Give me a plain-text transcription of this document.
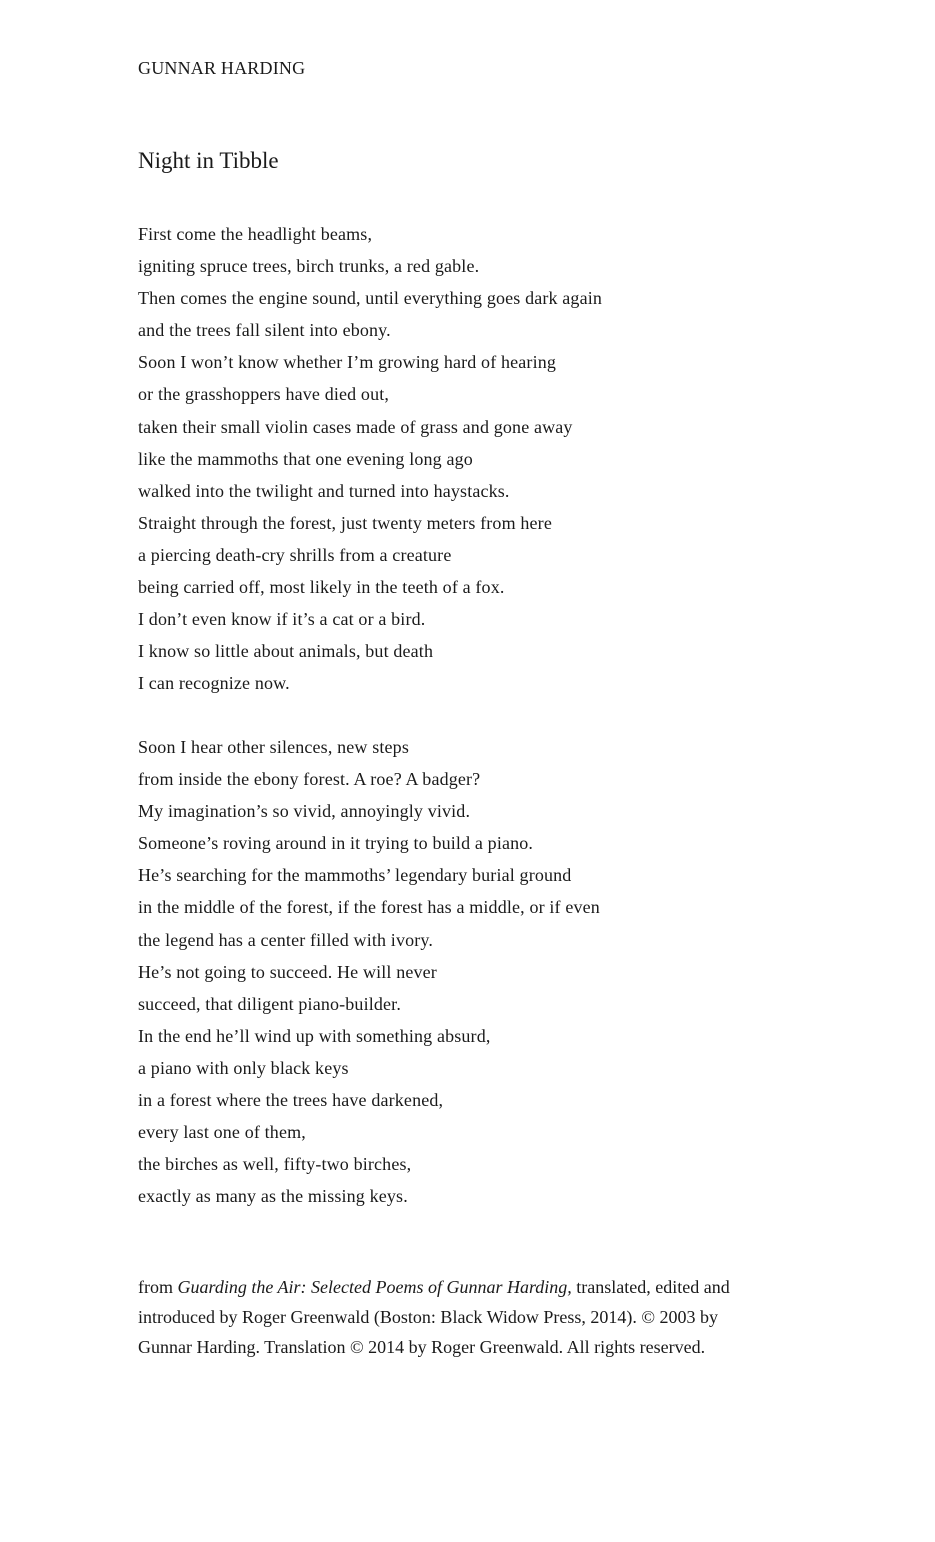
GUNNAR HARDING
Night in Tibble
First come the headlight beams,
igniting spruce trees, birch trunks, a red gable.
Then comes the engine sound, until everything goes dark again
and the trees fall silent into ebony.
Soon I won’t know whether I’m growing hard of hearing
or the grasshoppers have died out,
taken their small violin cases made of grass and gone away
like the mammoths that one evening long ago
walked into the twilight and turned into haystacks.
Straight through the forest, just twenty meters from here
a piercing death-cry shrills from a creature
being carried off, most likely in the teeth of a fox.
I don’t even know if it’s a cat or a bird.
I know so little about animals, but death
I can recognize now.
Soon I hear other silences, new steps
from inside the ebony forest. A roe? A badger?
My imagination’s so vivid, annoyingly vivid.
Someone’s roving around in it trying to build a piano.
He’s searching for the mammoths’ legendary burial ground
in the middle of the forest, if the forest has a middle, or if even
the legend has a center filled with ivory.
He’s not going to succeed. He will never
succeed, that diligent piano-builder.
In the end he’ll wind up with something absurd,
a piano with only black keys
in a forest where the trees have darkened,
every last one of them,
the birches as well, fifty-two birches,
exactly as many as the missing keys.

from Guarding the Air: Selected Poems of Gunnar Harding, translated, edited and introduced by Roger Greenwald (Boston: Black Widow Press, 2014). © 2003 by Gunnar Harding. Translation © 2014 by Roger Greenwald. All rights reserved.
